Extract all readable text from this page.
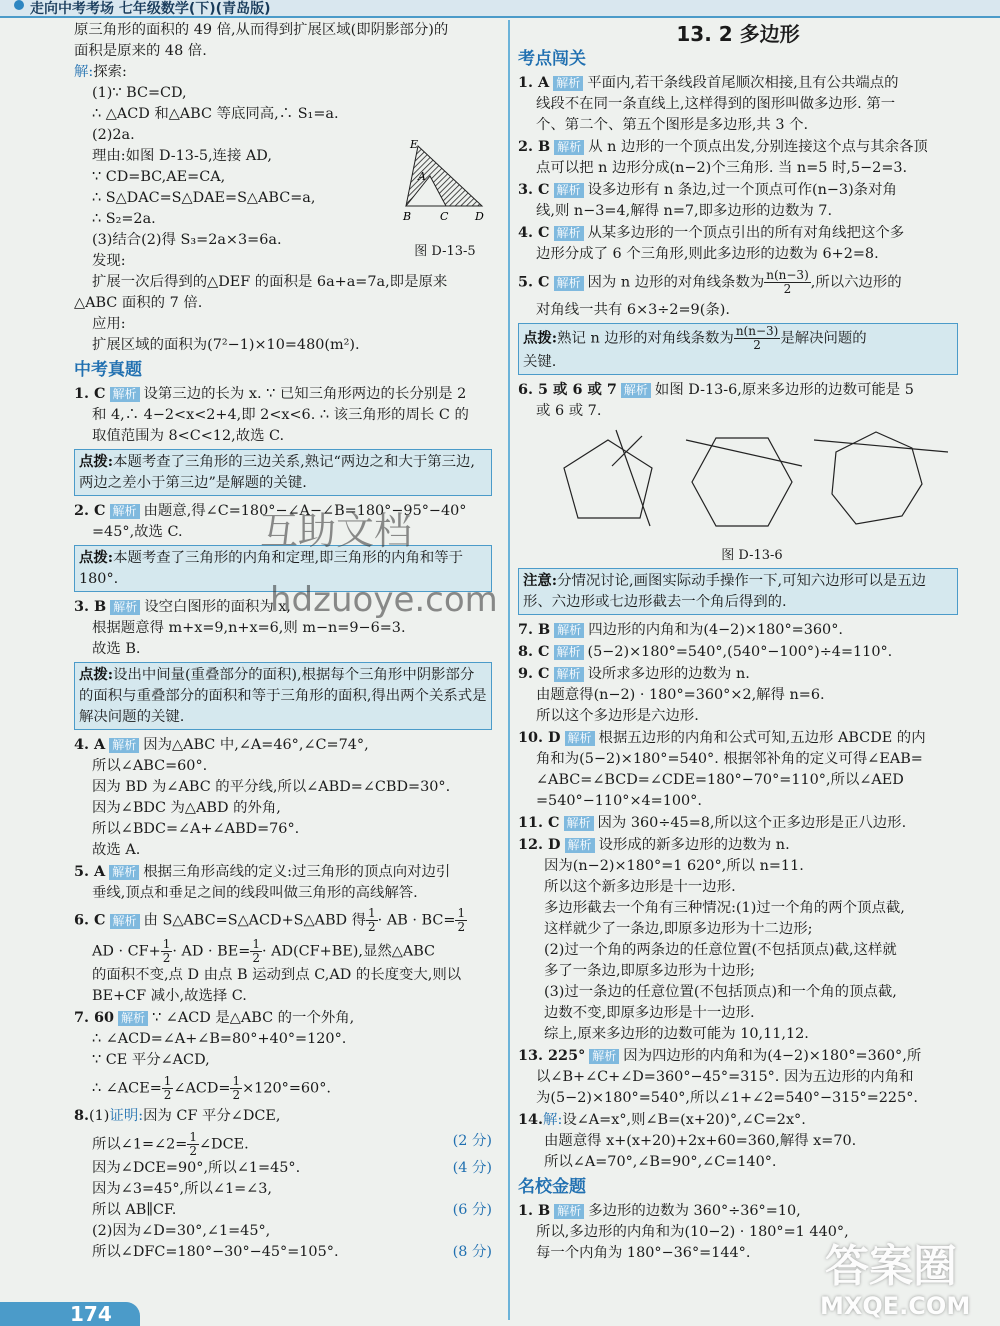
走向中考考场 七年级数学(下)(青岛版)

原三角形的面积的 49 倍,从而得到扩展区域(即阴影部分)的

面积是原来的 48 倍.

解:探索:

(1)∵ BC=CD,

∴ △ACD 和△ABC 等底同高,∴ S₁=a.

(2)2a.

理由:如图 D-13-5,连接 AD,

∵ CD=BC,AE=CA,

∴ S△DAC=S△DAE=S△ABC=a,

∴ S₂=2a.

(3)结合(2)得 S₃=2a×3=6a.

发现:

扩展一次后得到的△DEF 的面积是 6a+a=7a,即是原来

△ABC 面积的 7 倍.

应用:

扩展区域的面积为(7²−1)×10=480(m²).

中考真题

1. C 解析 设第三边的长为 x. ∵ 已知三角形两边的长分别是 2

和 4,∴ 4−2<x<2+4,即 2<x<6. ∴ 该三角形的周长 C 的

取值范围为 8<C<12,故选 C.

点拨:本题考查了三角形的三边关系,熟记“两边之和大于第三边,两边之差小于第三边”是解题的关键.

2. C 解析 由题意,得∠C=180°−∠A−∠B=180°−95°−40°

=45°,故选 C.

点拨:本题考查了三角形的内角和定理,即三角形的内角和等于 180°.

3. B 解析 设空白图形的面积为 x,

根据题意得 m+x=9,n+x=6,则 m−n=9−6=3.

故选 B.

点拨:设出中间量(重叠部分的面积),根据每个三角形中阴影部分的面积与重叠部分的面积和等于三角形的面积,得出两个关系式是解决问题的关键.

4. A 解析 因为△ABC 中,∠A=46°,∠C=74°,

所以∠ABC=60°.

因为 BD 为∠ABC 的平分线,所以∠ABD=∠CBD=30°.

因为∠BDC 为△ABD 的外角,

所以∠BDC=∠A+∠ABD=76°.

故选 A.

5. A 解析 根据三角形高线的定义:过三角形的顶点向对边引

垂线,顶点和垂足之间的线段叫做三角形的高线解答.

6. C 解析 由 S△ABC=S△ACD+S△ABD 得 $\frac{1}{2}$ · AB · $BC= \frac{1}{2}$

AD · $CF+ \frac{1}{2}$ · AD · $BE= \frac{1}{2} \cdot AD(CF+BE)$,显然△ABC

的面积不变,点 D 由点 B 运动到点 C,AD 的长度变大,则以

BE+CF 减小,故选择 C.

7. 60 解析 ∵ ∠ACD 是△ABC 的一个外角,

∴ ∠ACD=∠A+∠B=80°+40°=120°.

∵ CE 平分∠ACD,

∴ ∠ACE= $\frac{1}{2}$ ∠ACD= $\frac{1}{2} \times 120^\circ=60^\circ$.

8.(1)证明:因为 CF 平分∠DCE,

所以∠1=∠2= $\frac{1}{2}$ ∠DCE.	(2 分)

因为∠DCE=90°,所以∠1=45°.	(4 分)

因为∠3=45°,所以∠1=∠3,

所以 AB∥CF.	(6 分)

(2)因为∠D=30°,∠1=45°,

所以∠DFC=180°−30°−45°=105°.	(8 分)

E
A
B	C D
图 D-13-5
13. 2 多边形
考点闯关

1. A 解析 平面内,若干条线段首尾顺次相接,且有公共端点的

线段不在同一条直线上,这样得到的图形叫做多边形. 第一

个、第二个、第五个图形是多边形,共 3 个.

2. B 解析 从 n 边形的一个顶点出发,分别连接这个点与其余各顶

点可以把 n 边形分成(n−2)个三角形. 当 n=5 时,5−2=3.

3. C 解析 设多边形有 n 条边,过一个顶点可作(n−3)条对角

线,则 n−3=4,解得 n=7,即多边形的边数为 7.

4. C 解析 从某多边形的一个顶点引出的所有对角线把这个多

边形分成了 6 个三角形,则此多边形的边数为 6+2=8.

5. C 解析 因为 n 边形的对角线条数为 $\frac{n(n-3)}{2}$ ,所以六边形的

对角线一共有 6×3÷2=9(条).

点拨:熟记 n 边形的对角线条数为 $\frac{n(n-3)}{2}$ 是解决问题的
关键.

6. 5 或 6 或 7 解析 如图 D-13-6,原来多边形的边数可能是 5

或 6 或 7.

图 D-13-6
注意:分情况讨论,画图实际动手操作一下,可知六边形可以是五边形、六边形或七边形截去一个角后得到的.

7. B 解析 四边形的内角和为(4−2)×180°=360°.

8. C 解析 (5−2)×180°=540°,(540°−100°)÷4=110°.

9. C 解析 设所求多边形的边数为 n.

由题意得(n−2) · 180°=360°×2,解得 n=6.

所以这个多边形是六边形.

10. D 解析 根据五边形的内角和公式可知,五边形 ABCDE 的内

角和为(5−2)×180°=540°. 根据邻补角的定义可得∠EAB=

∠ABC=∠BCD=∠CDE=180°−70°=110°,所以∠AED

=540°−110°×4=100°.

11. C 解析 因为 360÷45=8,所以这个正多边形是正八边形.

12. D 解析 设形成的新多边形的边数为 n.

因为(n−2)×180°=1 620°,所以 n=11.

所以这个新多边形是十一边形.

多边形截去一个角有三种情况:(1)过一个角的两个顶点截,

这样就少了一条边,即原多边形为十二边形;

(2)过一个角的两条边的任意位置(不包括顶点)截,这样就

多了一条边,即原多边形为十边形;

(3)过一条边的任意位置(不包括顶点)和一个角的顶点截,

边数不变,即原多边形是十一边形.

综上,原来多边形的边数可能为 10,11,12.

13. 225° 解析 因为四边形的内角和为(4−2)×180°=360°,所

以∠B+∠C+∠D=360°−45°=315°. 因为五边形的内角和

为(5−2)×180°=540°,所以∠1+∠2=540°−315°=225°.

14.解:设∠A=x°,则∠B=(x+20)°,∠C=2x°.

由题意得 x+(x+20)+2x+60=360,解得 x=70.

所以∠A=70°,∠B=90°,∠C=140°.

名校金题

1. B 解析 多边形的边数为 360°÷36°=10,

所以,多边形的内角和为(10−2) · 180°=1 440°,

每一个内角为 180°−36°=144°.

互助文档
hdzuoye.com
答案圈
MXQE.COM
174
